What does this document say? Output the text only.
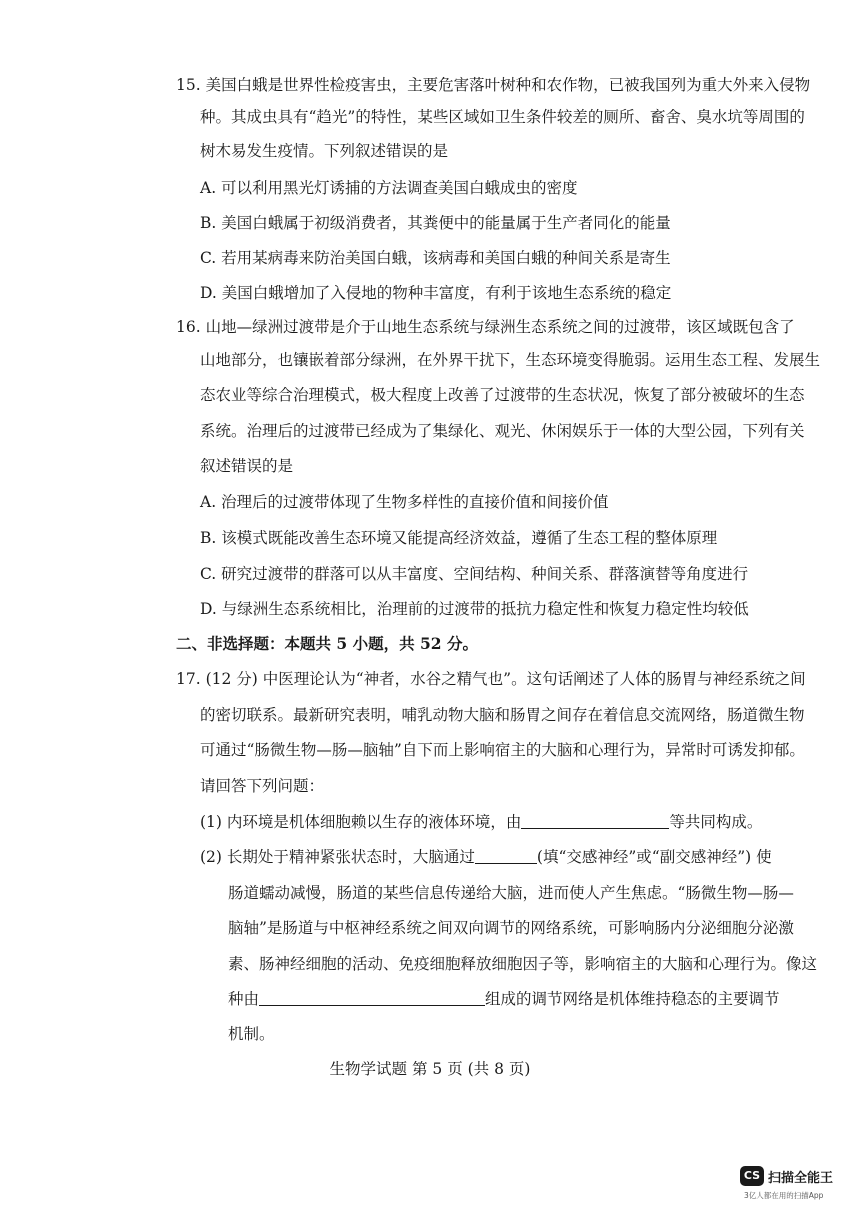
15. 美国白蛾是世界性检疫害虫，主要危害落叶树种和农作物，已被我国列为重大外来入侵物
种。其成虫具有“趋光”的特性，某些区域如卫生条件较差的厕所、畜舍、臭水坑等周围的
树木易发生疫情。下列叙述错误的是
A. 可以利用黑光灯诱捕的方法调查美国白蛾成虫的密度
B. 美国白蛾属于初级消费者，其粪便中的能量属于生产者同化的能量
C. 若用某病毒来防治美国白蛾，该病毒和美国白蛾的种间关系是寄生
D. 美国白蛾增加了入侵地的物种丰富度，有利于该地生态系统的稳定
16. 山地—绿洲过渡带是介于山地生态系统与绿洲生态系统之间的过渡带，该区域既包含了
山地部分，也镶嵌着部分绿洲，在外界干扰下，生态环境变得脆弱。运用生态工程、发展生
态农业等综合治理模式，极大程度上改善了过渡带的生态状况，恢复了部分被破坏的生态
系统。治理后的过渡带已经成为了集绿化、观光、休闲娱乐于一体的大型公园，下列有关
叙述错误的是
A. 治理后的过渡带体现了生物多样性的直接价值和间接价值
B. 该模式既能改善生态环境又能提高经济效益，遵循了生态工程的整体原理
C. 研究过渡带的群落可以从丰富度、空间结构、种间关系、群落演替等角度进行
D. 与绿洲生态系统相比，治理前的过渡带的抵抗力稳定性和恢复力稳定性均较低
二、非选择题：本题共 5 小题，共 52 分。
17. (12 分) 中医理论认为“神者，水谷之精气也”。这句话阐述了人体的肠胃与神经系统之间
的密切联系。最新研究表明，哺乳动物大脑和肠胃之间存在着信息交流网络，肠道微生物
可通过“肠微生物—肠—脑轴”自下而上影响宿主的大脑和心理行为，异常时可诱发抑郁。
请回答下列问题：
(1) 内环境是机体细胞赖以生存的液体环境，由	等共同构成。
(2) 长期处于精神紧张状态时，大脑通过	(填“交感神经”或“副交感神经”) 使
肠道蠕动减慢，肠道的某些信息传递给大脑，进而使人产生焦虑。“肠微生物—肠—
脑轴”是肠道与中枢神经系统之间双向调节的网络系统，可影响肠内分泌细胞分泌激
素、肠神经细胞的活动、免疫细胞释放细胞因子等，影响宿主的大脑和心理行为。像这
种由	组成的调节网络是机体维持稳态的主要调节
机制。
生物学试题 第 5 页 (共 8 页)
CS 扫描全能王
3亿人都在用的扫描App
